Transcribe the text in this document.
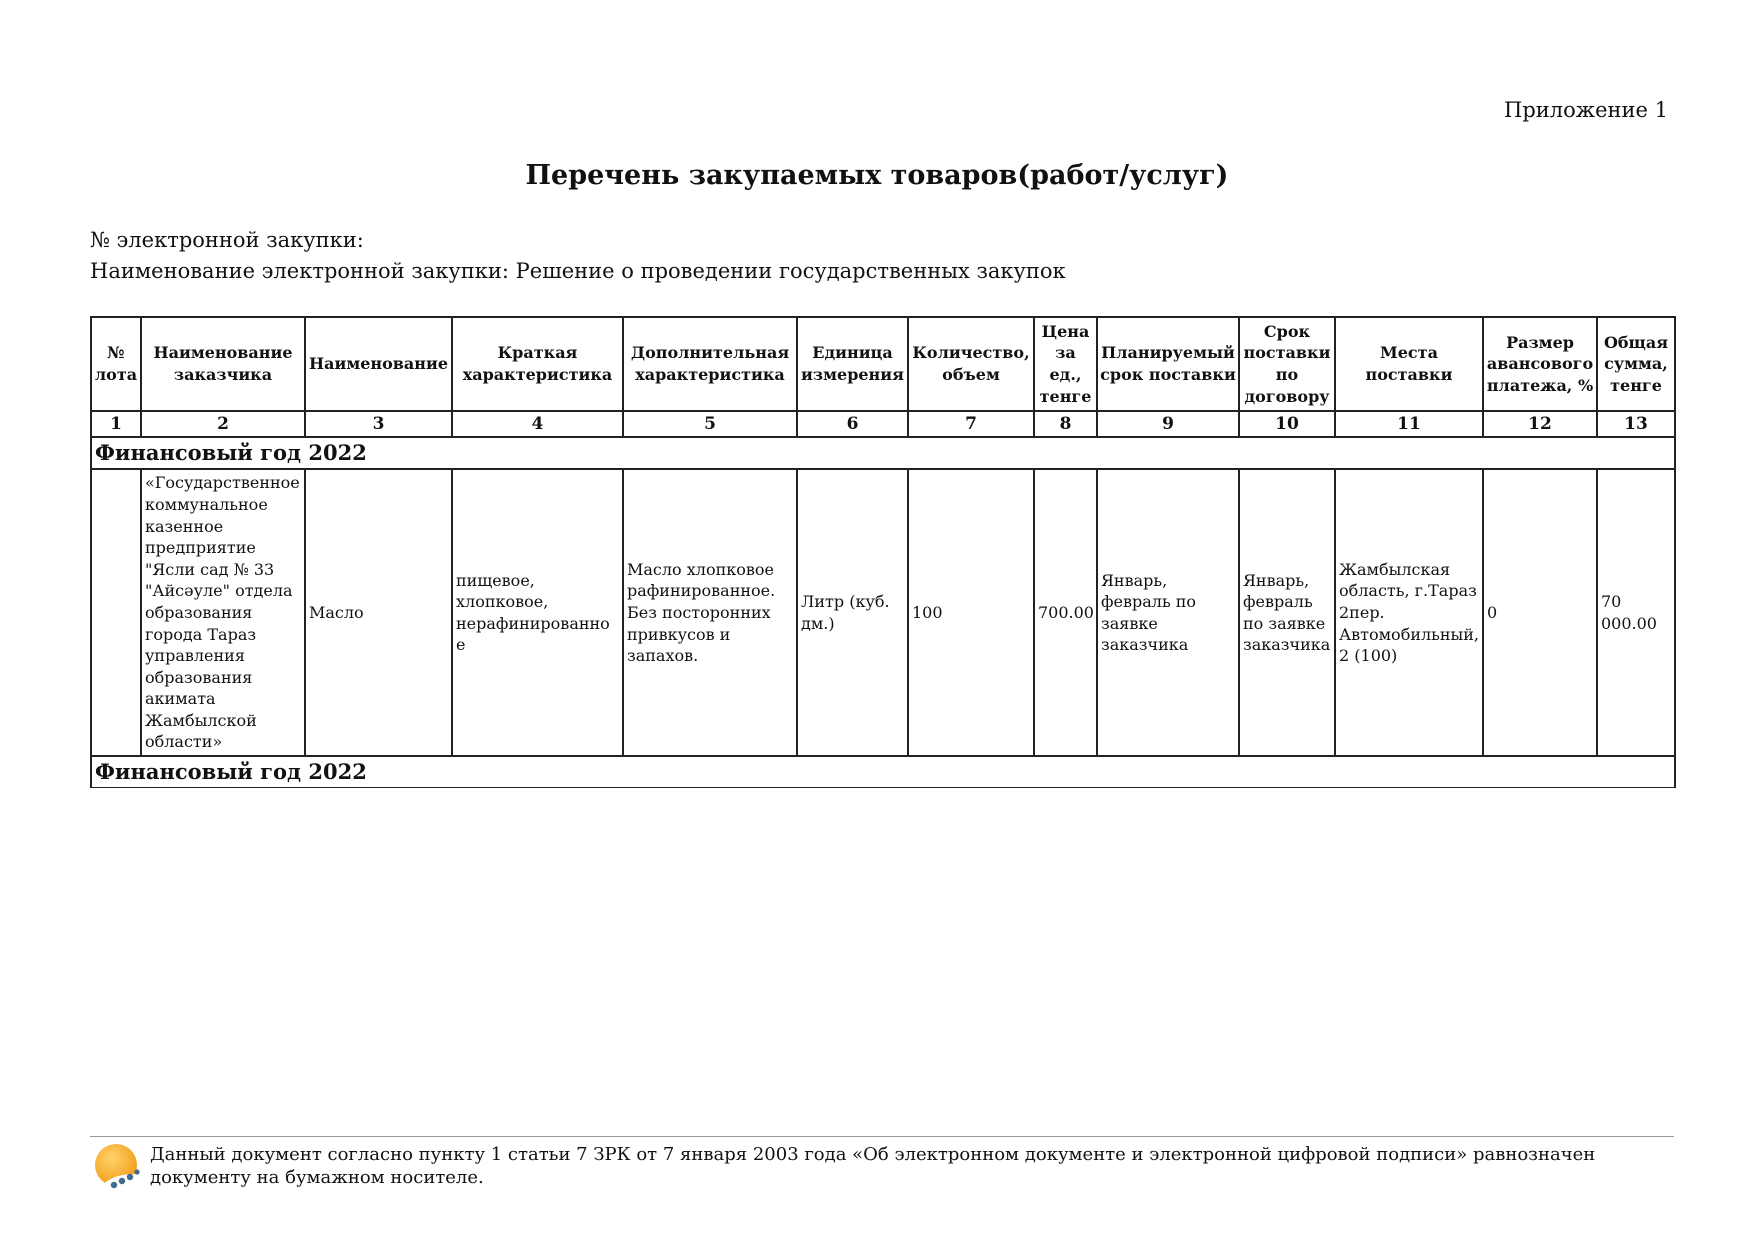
Приложение 1
Перечень закупаемых товаров(работ/услуг)
№ электронной закупки:
Наименование электронной закупки: Решение о проведении государственных закупок
№ лота	Наименование заказчика	Наименование	Краткая характеристика	Дополнительная характеристика	Единица измерения	Количество, объем	Цена за ед., тенге	Планируемый срок поставки	Срок поставки по договору	Места поставки	Размер авансового платежа, %	Общая сумма, тенге
1	2	3	4	5	6	7	8	9	10	11	12	13
Финансовый год 2022												
	«Государственное коммунальное казенное предприятие "Ясли сад № 33 "Айсәуле" отдела образования города Тараз управления образования акимата Жамбылской области»	Масло	пищевое, хлопковое, нерафинированное	Масло хлопковое рафинированное. Без посторонних привкусов и запахов.	Литр (куб. дм.)	100	700.00	Январь, февраль по заявке заказчика	Январь, февраль по заявке заказчика	Жамбылская область, г.Тараз 2пер. Автомобильный, 2 (100)	0	70 000.00
Финансовый год 2022												
Данный документ согласно пункту 1 статьи 7 ЗРК от 7 января 2003 года «Об электронном документе и электронной цифровой подписи» равнозначен документу на бумажном носителе.
